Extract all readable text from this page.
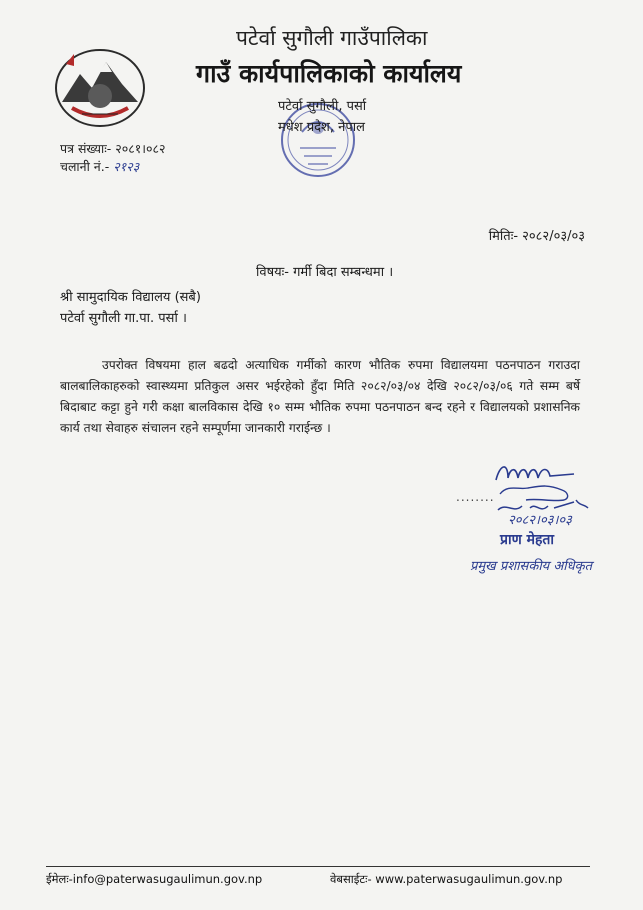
पटेर्वा सुगौली गाउँपालिका
गाउँ कार्यपालिकाको कार्यालय
पटेर्वा सुगौली, पर्सा
मधेश प्रदेश, नेपाल
पत्र संख्याः- २०८१।०८२
चलानी नं.- २१२३
मितिः- २०८२/०३/०३
विषयः- गर्मी बिदा सम्बन्धमा ।
श्री सामुदायिक विद्यालय (सबै)
पटेर्वा सुगौली गा.पा. पर्सा ।
उपरोक्त विषयमा हाल बढदो अत्याधिक गर्मीको कारण भौतिक रुपमा विद्यालयमा पठनपाठन गराउदा बालबालिकाहरुको स्वास्थ्यमा प्रतिकुल असर भईरहेको हुँदा मिति २०८२/०३/०४ देखि २०८२/०३/०६ गते सम्म बर्षे बिदाबाट कट्टा हुने गरी कक्षा बालविकास देखि १० सम्म भौतिक रुपमा पठनपाठन बन्द रहने र विद्यालयको प्रशासनिक कार्य तथा सेवाहरु संचालन रहने सम्पूर्णमा जानकारी गराईन्छ ।
........
२०८२।०३।०३
प्राण मेहता
प्रमुख प्रशासकीय अधिकृत
ईमेलः-info@paterwasugaulimun.gov.np	वेबसाईटः- www.paterwasugaulimun.gov.np
